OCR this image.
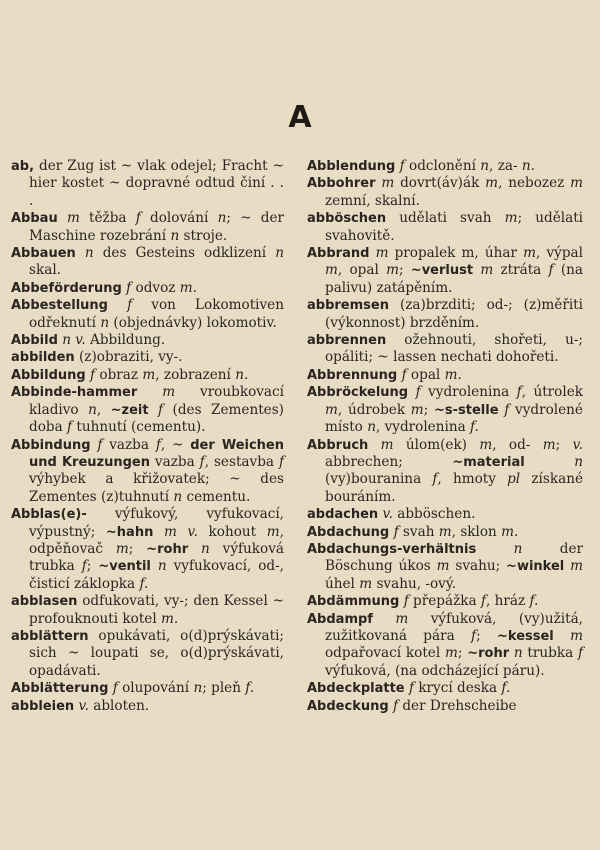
A

ab, der Zug ist ~ vlak odejel; Fracht ~ hier kostet ~ dopravné odtud činí . . .

Abbau m těžba f dolování n; ~ der Maschine rozebrání n stroje.

Abbauen n des Gesteins odklizení n skal.

Abbeförderung f odvoz m.

Abbestellung f von Lokomotiven odřeknutí n (objednávky) lokomotiv.

Abbild n v. Abbildung.

abbilden (z)obraziti, vy-.

Abbildung f obraz m, zobrazení n.

Abbinde-hammer m vroubkovací kladivo n, ~zeit f (des Zementes) doba f tuhnutí (cementu).

Abbindung f vazba f, ~ der Weichen und Kreuzungen vazba f, sestavba f výhybek a křižovatek; ~ des Zementes (z)tuhnutí n cementu.

Abblas(e)- výfukový, vyfukovací, výpustný; ~hahn m v. kohout m, odpěňovač m; ~rohr n výfuková trubka f; ~ventil n vyfukovací, od-, čisticí záklopka f.

abblasen odfukovati, vy-; den Kessel ~ profouknouti kotel m.

abblättern opukávati, o(d)prýskávati; sich ~ loupati se, o(d)prýskávati, opadávati.

Abblätterung f olupování n; pleň f.

abbleien v. abloten.

Abblendung f odclonění n, za- n.

Abbohrer m dovrt(áv)ák m, nebozez m zemní, skalní.

abböschen udělati svah m; udělati svahovitě.

Abbrand m propalek m, úhar m, výpal m, opal m; ~verlust m ztráta f (na palivu) zatápěním.

abbremsen (za)brzditi; od-; (z)měřiti (výkonnost) brzděním.

abbrennen ožehnouti, shořeti, u-; opáliti; ~ lassen nechati dohořeti.

Abbrennung f opal m.

Abbröckelung f vydrolenina f, útrolek m, údrobek m; ~s-stelle f vydrolené místo n, vydrolenina f.

Abbruch m úlom(ek) m, od- m; v. abbrechen; ~material	n (vy)bouranina f, hmoty pl získané bouráním.

abdachen v. abböschen.

Abdachung f svah m, sklon m.

Abdachungs-verhältnis	n der Böschung úkos m svahu; ~winkel m úhel m svahu, -ový.

Abdämmung f přepážka f, hráz f.

Abdampf m výfuková, (vy)užitá, zužitkovaná pára f; ~kessel m odpařovací kotel m; ~rohr n trubka f výfuková, (na odcházející páru).

Abdeckplatte f krycí deska f.

Abdeckung f der Drehscheibe
